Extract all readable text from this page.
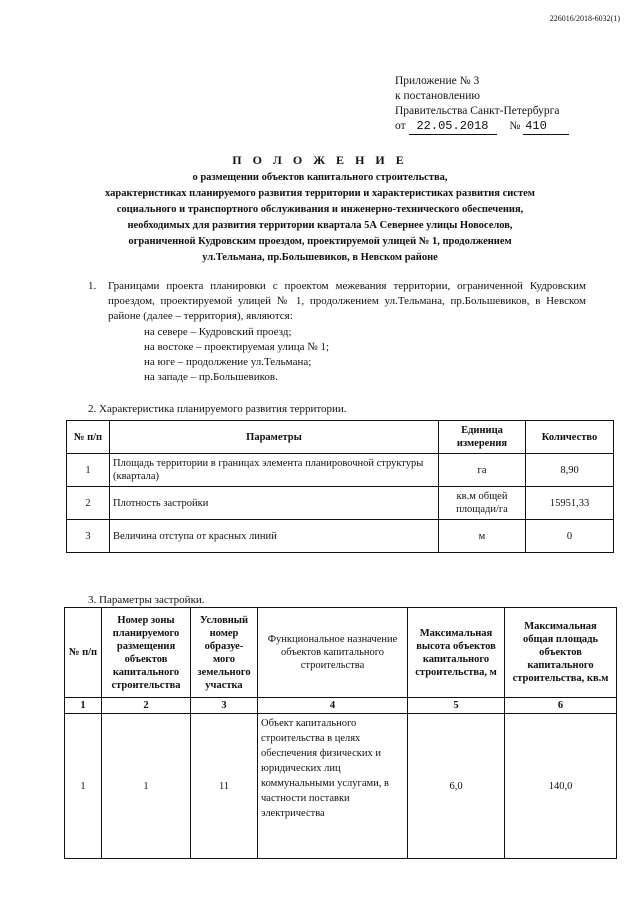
226016/2018-6032(1)
Приложение № 3
к постановлению
Правительства Санкт-Петербурга
от 22.05.2018 № 410
П О Л О Ж Е Н И Е
о размещении объектов капитального строительства,
характеристиках планируемого развития территории и характеристиках развития систем
социального и транспортного обслуживания и инженерно-технического обеспечения,
необходимых для развития территории квартала 5А Севернее улицы Новоселов,
ограниченной Кудровским проездом, проектируемой улицей № 1, продолжением
ул.Тельмана, пр.Большевиков, в Невском районе
1. Границами проекта планировки с проектом межевания территории, ограниченной Кудровским проездом, проектируемой улицей № 1, продолжением ул.Тельмана, пр.Большевиков, в Невском районе (далее – территория), являются:
на севере – Кудровский проезд;
на востоке – проектируемая улица № 1;
на юге – продолжение ул.Тельмана;
на западе – пр.Большевиков.
2. Характеристика планируемого развития территории.
№ п/п	Параметры	Единица измерения	Количество
1	Площадь территории в границах элемента планировочной структуры (квартала)	га	8,90
2	Плотность застройки	кв.м общей площади/га	15951,33
3	Величина отступа от красных линий	м	0
3. Параметры застройки.
№ п/п	Номер зоны планируемого размещения объектов капитального строительства	Условный номер образуе-мого земельного участка	Функциональное назначение объектов капитального строительства	Максимальная высота объектов капитального строительства, м	Максимальная общая площадь объектов капитального строительства, кв.м
1	2	3	4	5	6
1	1	11	Объект капитального строительства в целях обеспечения физических и юридических лиц коммунальными услугами, в частности поставки электричества	6,0	140,0
